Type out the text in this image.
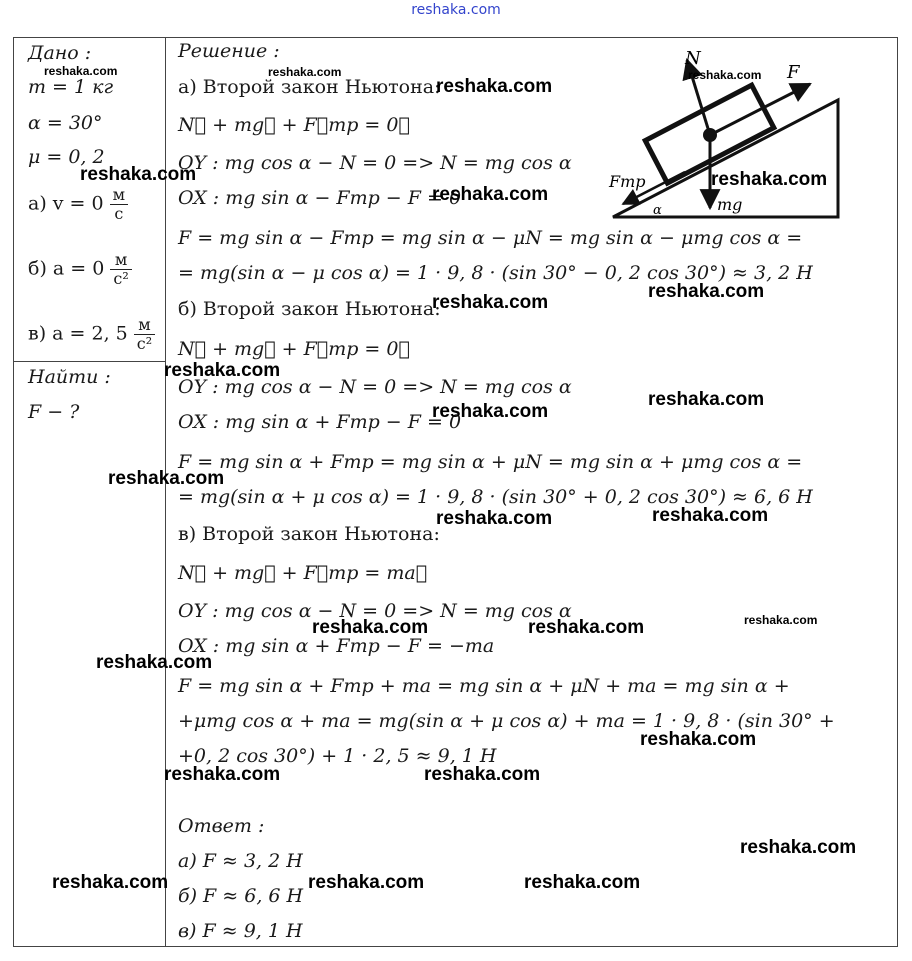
reshaka.com
Дано :
m = 1 кг
α = 30°
μ = 0, 2
а) $v = 0 \frac{м}{с}$
б) $a = 0 \frac{м}{\text{с²}}$
в) a = 2, $5 \frac{м}{\text{с²}}$
Найти :
F − ?
Решение :
а) Второй закон Ньютона:
N⃗ + mg⃗ + F⃗тр = 0⃗
OY : mg cos α − N = 0 => N = mg cos α
OX : mg sin α − Fтр − F = 0
F = mg sin α − Fтр = mg sin α − μN = mg sin α − μmg cos α =
= mg(sin α − μ cos α) = 1 · 9, 8 · (sin 30° − 0, 2 cos 30°) ≈ 3, 2 Н
б) Второй закон Ньютона:
N⃗ + mg⃗ + F⃗тр = 0⃗
OY : mg cos α − N = 0 => N = mg cos α
OX : mg sin α + Fтр − F = 0
F = mg sin α + Fтр = mg sin α + μN = mg sin α + μmg cos α =
= mg(sin α + μ cos α) = 1 · 9, 8 · (sin 30° + 0, 2 cos 30°) ≈ 6, 6 Н
в) Второй закон Ньютона:
N⃗ + mg⃗ + F⃗тр = ma⃗
OY : mg cos α − N = 0 => N = mg cos α
OX : mg sin α + Fтр − F = −ma
F = mg sin α + Fтр + ma = mg sin α + μN + ma = mg sin α +
+μmg cos α + ma = mg(sin α + μ cos α) + ma = 1 · 9, 8 · (sin 30° +
+0, 2 cos 30°) + 1 · 2, 5 ≈ 9, 1 Н
Ответ :
а) F ≈ 3, 2 Н
б) F ≈ 6, 6 Н
в) F ≈ 9, 1 Н
N
F
Fтр
mg
α
reshaka.com	reshaka.com
reshaka.com
reshaka.com
reshaka.com	reshaka.com
reshaka.com
reshaka.com
reshaka.com
reshaka.com
reshaka.com
reshaka.com
reshaka.com
reshaka.com	reshaka.com
reshaka.com
reshaka.com	reshaka.com
reshaka.com
reshaka.com
reshaka.com	reshaka.com
reshaka.com
reshaka.com	reshaka.com	reshaka.com
